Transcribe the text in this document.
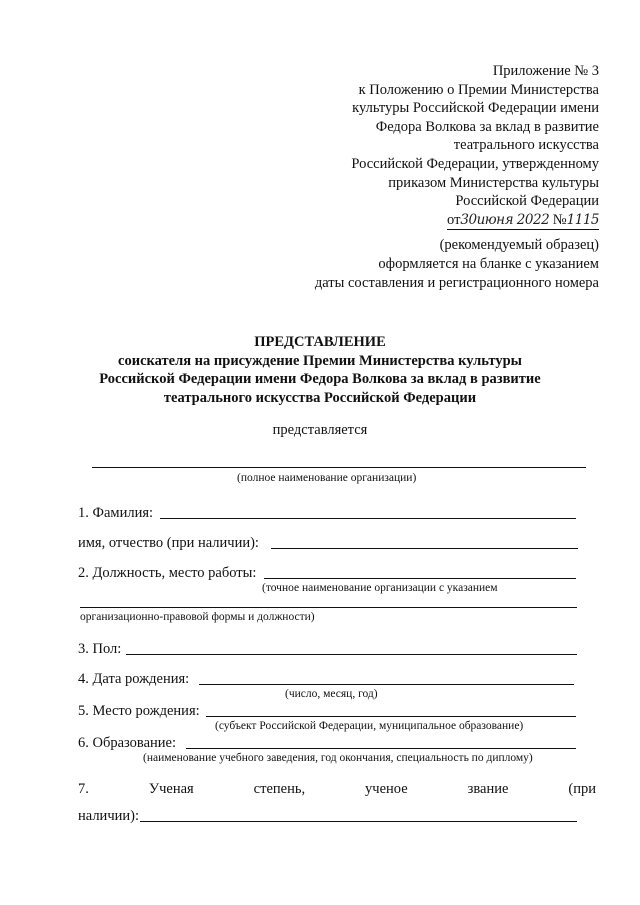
Приложение № 3
к Положению о Премии Министерства
культуры Российской Федерации имени
Федора Волкова за вклад в развитие
театрального искусства
Российской Федерации, утвержденному
приказом Министерства культуры
Российской Федерации
от30июня 2022 №1115
(рекомендуемый образец)
оформляется на бланке с указанием
даты составления и регистрационного номера
ПРЕДСТАВЛЕНИЕ
соискателя на присуждение Премии Министерства культуры
Российской Федерации имени Федора Волкова за вклад в развитие
театрального искусства Российской Федерации
представляется
(полное наименование организации)
1. Фамилия:
имя, отчество (при наличии):
2. Должность, место работы:
(точное наименование организации с указанием
организационно-правовой формы и должности)
3. Пол:
4. Дата рождения:
(число, месяц, год)
5. Место рождения:
(субъект Российской Федерации, муниципальное образование)
6. Образование:
(наименование учебного заведения, год окончания, специальность по диплому)
7.	Ученая	степень,	ученое	звание	(при
наличии):
